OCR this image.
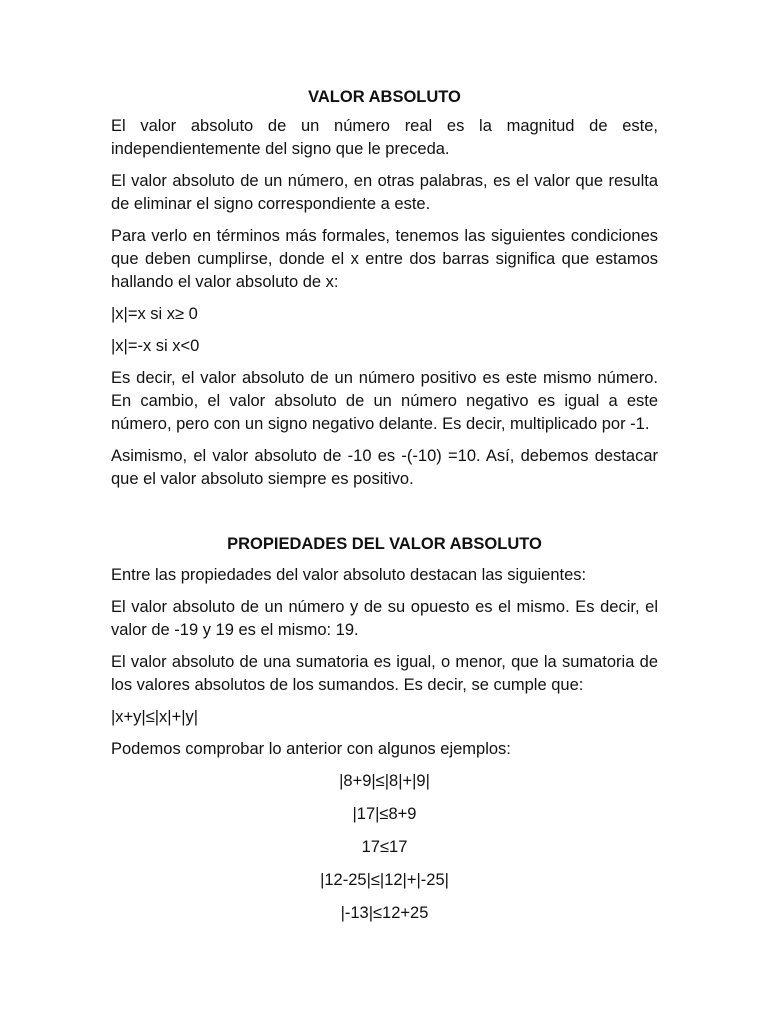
VALOR ABSOLUTO
El valor absoluto de un número real es la magnitud de este, independientemente del signo que le preceda.
El valor absoluto de un número, en otras palabras, es el valor que resulta de eliminar el signo correspondiente a este.
Para verlo en términos más formales, tenemos las siguientes condiciones que deben cumplirse, donde el x entre dos barras significa que estamos hallando el valor absoluto de x:
|x|=x si x≥ 0
|x|=-x si x<0
Es decir, el valor absoluto de un número positivo es este mismo número. En cambio, el valor absoluto de un número negativo es igual a este número, pero con un signo negativo delante. Es decir, multiplicado por -1.
Asimismo, el valor absoluto de -10 es -(-10) =10. Así, debemos destacar que el valor absoluto siempre es positivo.
PROPIEDADES DEL VALOR ABSOLUTO
Entre las propiedades del valor absoluto destacan las siguientes:
El valor absoluto de un número y de su opuesto es el mismo. Es decir, el valor de -19 y 19 es el mismo: 19.
El valor absoluto de una sumatoria es igual, o menor, que la sumatoria de los valores absolutos de los sumandos. Es decir, se cumple que:
|x+y|≤|x|+|y|
Podemos comprobar lo anterior con algunos ejemplos:
|8+9|≤|8|+|9|
|17|≤8+9
17≤17
|12-25|≤|12|+|-25|
|-13|≤12+25
